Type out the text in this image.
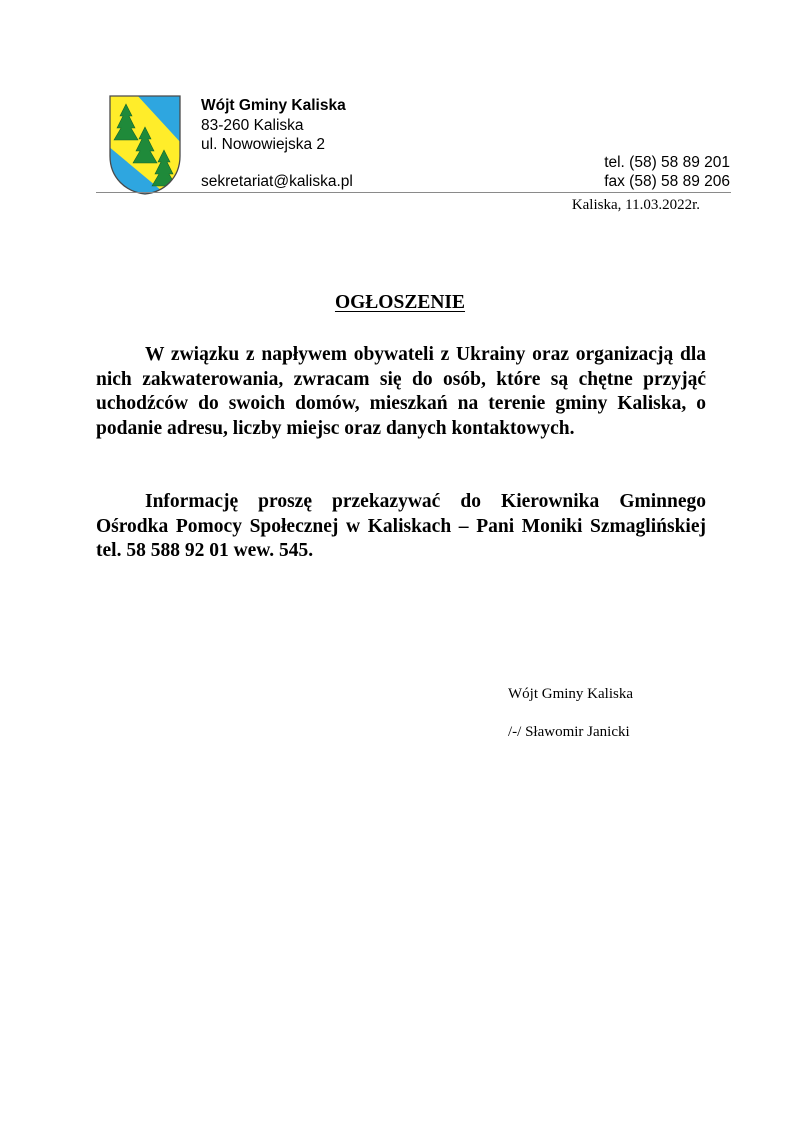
Wójt Gminy Kaliska
83-260 Kaliska
ul. Nowowiejska 2
sekretariat@kaliska.pl
tel. (58) 58 89 201
fax (58) 58 89 206
Kaliska, 11.03.2022r.
OGŁOSZENIE
W związku z napływem obywateli z Ukrainy oraz organizacją dla nich zakwaterowania, zwracam się do osób, które są chętne przyjąć uchodźców do swoich domów, mieszkań na terenie gminy Kaliska, o podanie adresu, liczby miejsc oraz danych kontaktowych.
Informację proszę przekazywać do Kierownika Gminnego Ośrodka Pomocy Społecznej w Kaliskach – Pani Moniki Szmaglińskiej tel. 58 588 92 01 wew. 545.
Wójt Gminy Kaliska
/-/ Sławomir Janicki
